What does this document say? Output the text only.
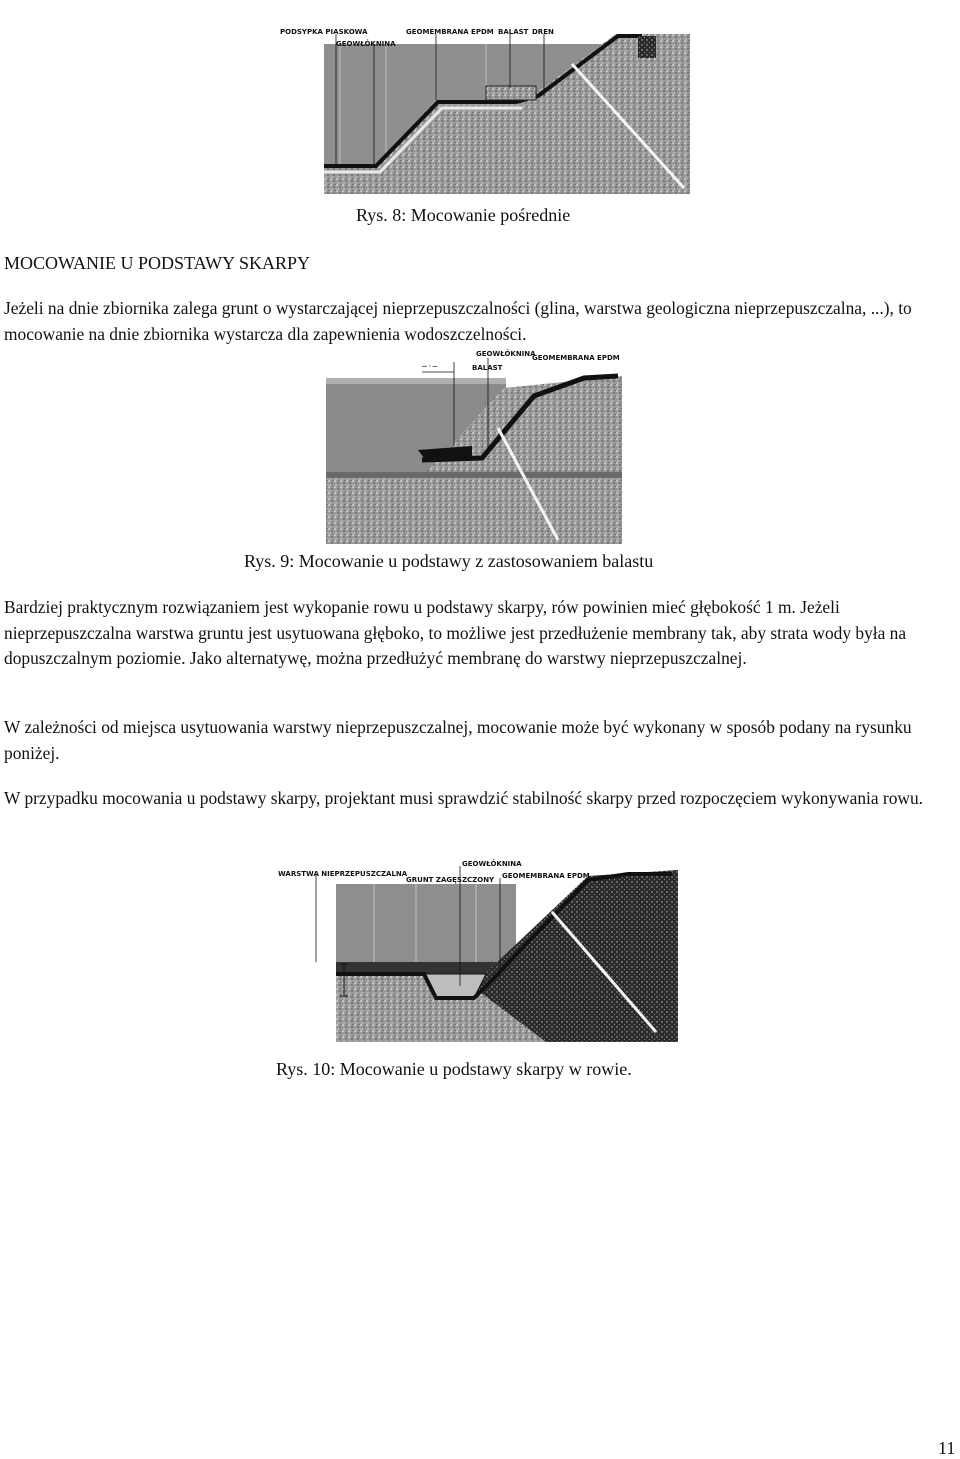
PODSYPKA PIASKOWA
GEOWŁÓKNINA
GEOMEMBRANA EPDM BALAST DREN
Rys. 8: Mocowanie pośrednie
MOCOWANIE U PODSTAWY SKARPY

Jeżeli na dnie zbiornika zalega grunt o wystarczającej nieprzepuszczalności (glina, warstwa geologiczna nieprzepuszczalna, ...), to mocowanie na dnie zbiornika wystarcza dla zapewnienia wodoszczelności.

— · —
GEOWŁÓKNINA
GEOMEMBRANA EPDM
BALAST
Rys. 9: Mocowanie u podstawy z zastosowaniem balastu

Bardziej praktycznym rozwiązaniem jest wykopanie rowu u podstawy skarpy, rów powinien mieć głębokość 1 m. Jeżeli nieprzepuszczalna warstwa gruntu jest usytuowana głęboko, to możliwe jest przedłużenie membrany tak, aby strata wody była na dopuszczalnym poziomie. Jako alternatywę, można przedłużyć membranę do warstwy nieprzepuszczalnej.

W zależności od miejsca usytuowania warstwy nieprzepuszczalnej, mocowanie może być wykonany w sposób podany na rysunku poniżej.

W przypadku mocowania u podstawy skarpy, projektant musi sprawdzić stabilność skarpy przed rozpoczęciem wykonywania rowu.

WARSTWA NIEPRZEPUSZCZALNA
GEOWŁÓKNINA
GRUNT ZAGĘSZCZONY GEOMEMBRANA EPDM
Rys. 10: Mocowanie u podstawy skarpy w rowie.
11
